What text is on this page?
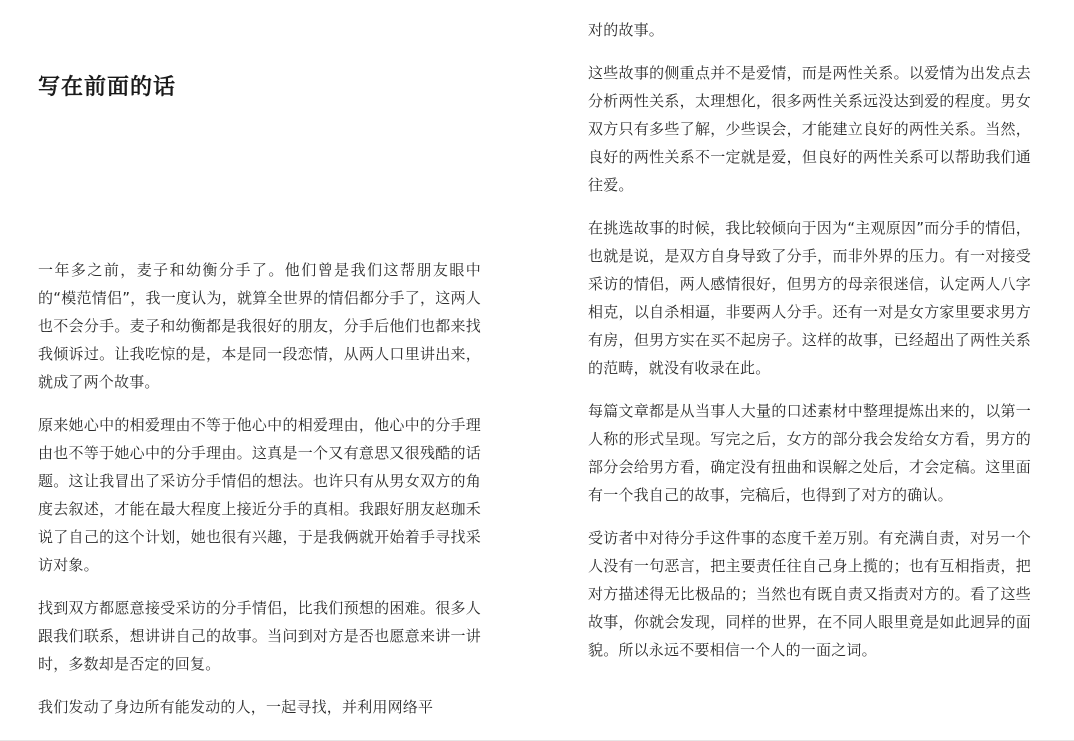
写在前面的话

一年多之前，麦子和幼衡分手了。他们曾是我们这帮朋友眼中的“模范情侣”，我一度认为，就算全世界的情侣都分手了，这两人也不会分手。麦子和幼衡都是我很好的朋友，分手后他们也都来找我倾诉过。让我吃惊的是，本是同一段恋情，从两人口里讲出来，就成了两个故事。

原来她心中的相爱理由不等于他心中的相爱理由，他心中的分手理由也不等于她心中的分手理由。这真是一个又有意思又很残酷的话题。这让我冒出了采访分手情侣的想法。也许只有从男女双方的角度去叙述，才能在最大程度上接近分手的真相。我跟好朋友赵珈禾说了自己的这个计划，她也很有兴趣，于是我俩就开始着手寻找采访对象。

找到双方都愿意接受采访的分手情侣，比我们预想的困难。很多人跟我们联系，想讲讲自己的故事。当问到对方是否也愿意来讲一讲时，多数却是否定的回复。

我们发动了身边所有能发动的人，一起寻找，并利用网络平

对的故事。

这些故事的侧重点并不是爱情，而是两性关系。以爱情为出发点去分析两性关系，太理想化，很多两性关系远没达到爱的程度。男女双方只有多些了解，少些误会，才能建立良好的两性关系。当然，良好的两性关系不一定就是爱，但良好的两性关系可以帮助我们通往爱。

在挑选故事的时候，我比较倾向于因为“主观原因”而分手的情侣，也就是说，是双方自身导致了分手，而非外界的压力。有一对接受采访的情侣，两人感情很好，但男方的母亲很迷信，认定两人八字相克，以自杀相逼，非要两人分手。还有一对是女方家里要求男方有房，但男方实在买不起房子。这样的故事，已经超出了两性关系的范畴，就没有收录在此。

每篇文章都是从当事人大量的口述素材中整理提炼出来的，以第一人称的形式呈现。写完之后，女方的部分我会发给女方看，男方的部分会给男方看，确定没有扭曲和误解之处后，才会定稿。这里面有一个我自己的故事，完稿后，也得到了对方的确认。

受访者中对待分手这件事的态度千差万别。有充满自责，对另一个人没有一句恶言，把主要责任往自己身上揽的；也有互相指责，把对方描述得无比极品的；当然也有既自责又指责对方的。看了这些故事，你就会发现，同样的世界，在不同人眼里竟是如此迥异的面貌。所以永远不要相信一个人的一面之词。
